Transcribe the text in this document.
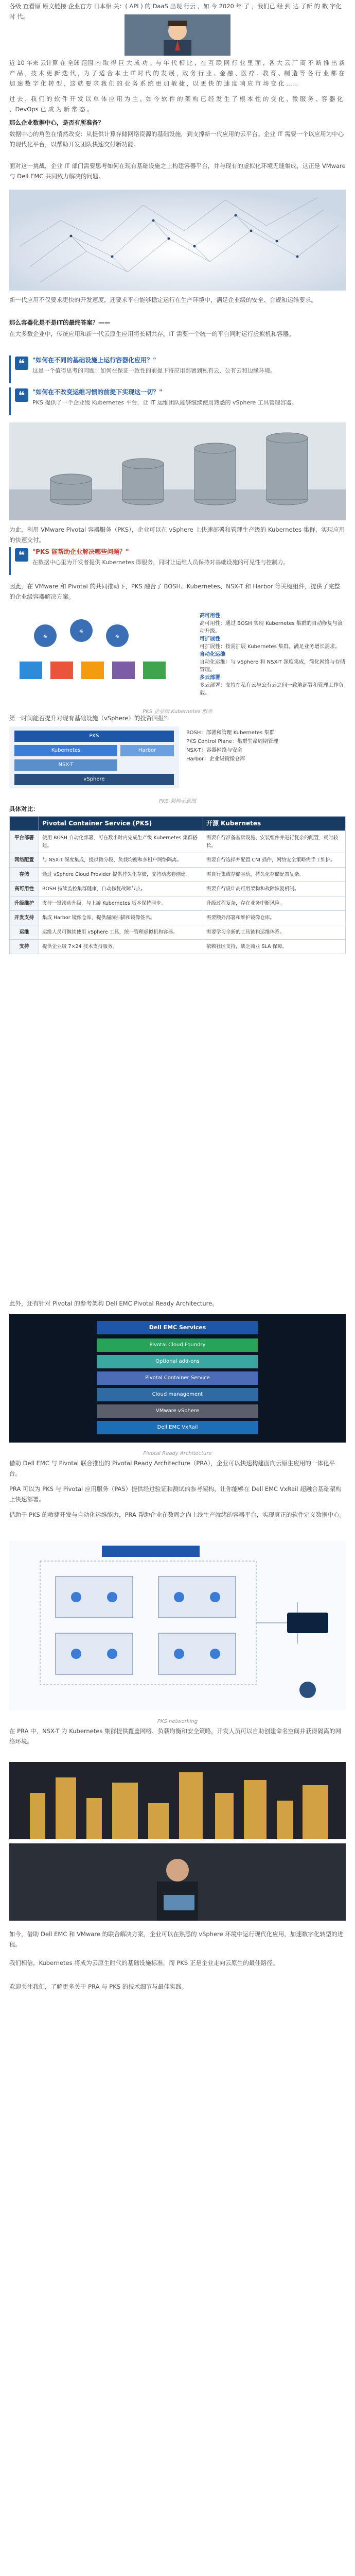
各级 查看原 原文链接 企业官方 日本相 关：( API ) 的 DaaS 出现 行云 ，如 今 2020 年 了 ，我们已 经 到 达 了新 的 数 字化 时 代。

近 10 年来 云计算 在 全球 范围 内 取 得 巨 大 成 功 。与 年 代 相 比 ，在 互 联 网 行 业 里 面 ，各 大 云 厂 商 不 断 推 出 新 产 品 ，技 术 更 新 迭 代 ，为 了 适 合 本 土 IT 时 代 的 发 展 ，政 务 行 业 、金 融 、医 疗 、教 育 、制 造 等 各 行 业 都 在 加 速 数 字 化 转 型 ，这 就 要 求 我 们 的 业 务 系 统 更 加 敏 捷 ，以 更 快 的 速 度 响 应 市 场 变 化 ……

过 去 ，我 们 的 软 件 开 发 以 单 体 应 用 为 主 ，如 今 软 件 的 架 构 已 经 发 生 了 根 本 性 的 变 化 ，微 服 务 、容 器 化 、DevOps 已 成 为 新 常 态 。

那么企业数据中心，是否有所准备？

数据中心的角色在悄然改变：从提供计算存储网络资源的基础设施，到支撑新一代应用的云平台。企业 IT 需要一个以应用为中心的现代化平台，以帮助开发团队快速交付新功能。

面对这一挑战，企业 IT 部门需要思考如何在现有基础设施之上构建容器平台，并与现有的虚拟化环境无缝集成，这正是 VMware 与 Dell EMC 共同致力解决的问题。

新一代应用不仅要求更快的开发速度，还要求平台能够稳定运行在生产环境中，满足企业级的安全、合规和运维要求。

那么容器化是不是IT的最终答案？——

在大多数企业中，传统应用和新一代云原生应用将长期共存。IT 需要一个统一的平台同时运行虚拟机和容器。

❝	"如何在不同的基础设施上运行容器化应用？"
这是一个值得思考的问题：如何在保证一致性的前提下将应用部署到私有云、公有云和边缘环境。
❝	"如何在不改变运维习惯的前提下实现这一切？"
PKS 提供了一个企业级 Kubernetes 平台，让 IT 运维团队能够继续使用熟悉的 vSphere 工具管理容器。

为此，利用 VMware Pivotal 容器服务（PKS），企业可以在 vSphere 上快速部署和管理生产级的 Kubernetes 集群，实现应用的快速交付。

❝	"PKS 能帮助企业解决哪些问题？"
在数据中心里为开发者提供 Kubernetes 即服务，同时让运维人员保持对基础设施的可见性与控制力。

因此，在 VMware 和 Pivotal 的共同推动下，PKS 融合了 BOSH、Kubernetes、NSX-T 和 Harbor 等关键组件，提供了完整的企业级容器解决方案。

⎈
⎈
⎈
高可用性
高可用性：通过 BOSH 实现 Kubernetes 集群的自动修复与滚动升级。
可扩展性
可扩展性：按需扩展 Kubernetes 集群，满足业务增长需求。
自动化运维
自动化运维：与 vSphere 和 NSX-T 深度集成，简化网络与存储管理。
多云部署
多云部署：支持在私有云与公有云之间一致地部署和管理工作负载。

PKS 企业级 Kubernetes 服务

第一时间能否提升对现有基础设施（vSphere）的投资回报？

PKS
Kubernetes	Harbor
NSX-T
vSphere
BOSH：部署和管理 Kubernetes 集群
PKS Control Plane：集群生命周期管理
NSX-T：容器网络与安全
Harbor：企业级镜像仓库

PKS 架构示意图

具体对比：

	Pivotal Container Service (PKS)	开源 Kubernetes
平台部署	使用 BOSH 自动化部署，可在数小时内完成生产级 Kubernetes 集群搭建。	需要自行准备基础设施、安装组件并进行复杂的配置，耗时较长。
网络配置	与 NSX-T 深度集成，提供微分段、负载均衡和多租户网络隔离。	需要自行选择并配置 CNI 插件，网络安全策略需手工维护。
存储	通过 vSphere Cloud Provider 提供持久化存储，支持动态卷创建。	需自行集成存储驱动，持久化存储配置复杂。
高可用性	BOSH 持续监控集群健康，自动修复故障节点。	需要自行设计高可用架构和故障恢复机制。
升级维护	支持一键滚动升级，与上游 Kubernetes 版本保持同步。	升级过程复杂，存在业务中断风险。
开发支持	集成 Harbor 镜像仓库，提供漏洞扫描和镜像签名。	需要额外部署和维护镜像仓库。
运维	运维人员可继续使用 vSphere 工具，统一管理虚拟机和容器。	需要学习全新的工具链和运维体系。
支持	提供企业级 7×24 技术支持服务。	依赖社区支持，缺乏商业 SLA 保障。

此外，还有针对 Pivotal 的参考架构 Dell EMC Pivotal Ready Architecture。

Dell EMC Services
Pivotal Cloud Foundry
Optional add-ons
Pivotal Container Service
Cloud management
VMware vSphere
Dell EMC VxRail

Pivotal Ready Architecture

借助 Dell EMC 与 Pivotal 联合推出的 Pivotal Ready Architecture（PRA），企业可以快速构建面向云原生应用的一体化平台。

PRA 可以为 PKS 与 Pivotal 应用服务（PAS）提供经过验证和测试的参考架构，让你能够在 Dell EMC VxRail 超融合基础架构上快速部署。

借助于 PKS 的敏捷开发与自动化运维能力，PRA 帮助企业在数周之内上线生产就绪的容器平台，实现真正的软件定义数据中心。

PKS networking

在 PRA 中，NSX-T 为 Kubernetes 集群提供覆盖网络、负载均衡和安全策略，开发人员可以自助创建命名空间并获得隔离的网络环境。

如今，借助 Dell EMC 和 VMware 的联合解决方案，企业可以在熟悉的 vSphere 环境中运行现代化应用，加速数字化转型的进程。

我们相信，Kubernetes 将成为云原生时代的基础设施标准，而 PKS 正是企业走向云原生的最佳路径。

欢迎关注我们，了解更多关于 PRA 与 PKS 的技术细节与最佳实践。
